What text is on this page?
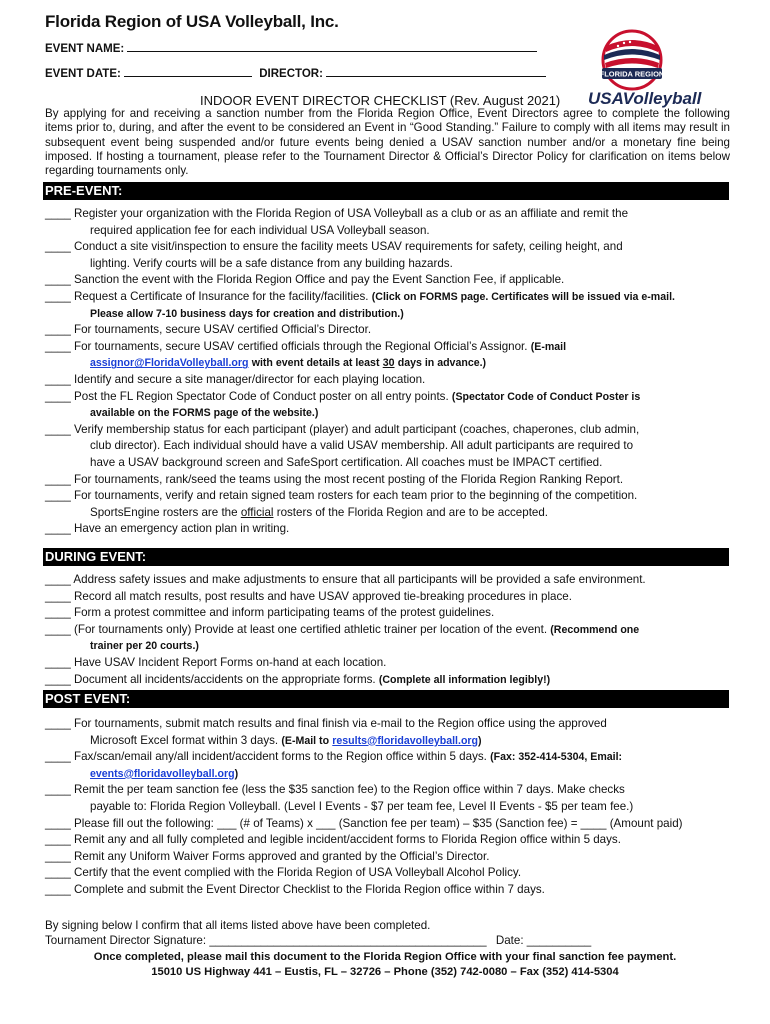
Florida Region of USA Volleyball, Inc.
EVENT NAME:
EVENT DATE:	DIRECTOR:
INDOOR EVENT DIRECTOR CHECKLIST (Rev. August 2021)
FLORIDA REGION
USAVolleyball
By applying for and receiving a sanction number from the Florida Region Office, Event Directors agree to complete the following items prior to, during, and after the event to be considered an Event in “Good Standing.” Failure to comply with all items may result in subsequent event being suspended and/or future events being denied a USAV sanction number and/or a monetary fine being imposed. If hosting a tournament, please refer to the Tournament Director & Official’s Director Policy for clarification on items below regarding tournaments only.
PRE-EVENT:
____ Register your organization with the Florida Region of USA Volleyball as a club or as an affiliate and remit the
required application fee for each individual USA Volleyball season.
____ Conduct a site visit/inspection to ensure the facility meets USAV requirements for safety, ceiling height, and
lighting. Verify courts will be a safe distance from any building hazards.
____ Sanction the event with the Florida Region Office and pay the Event Sanction Fee, if applicable.
____ Request a Certificate of Insurance for the facility/facilities. (Click on FORMS page. Certificates will be issued via e-mail.
Please allow 7-10 business days for creation and distribution.)
____ For tournaments, secure USAV certified Official’s Director.
____ For tournaments, secure USAV certified officials through the Regional Official’s Assignor. (E-mail
assignor@FloridaVolleyball.org with event details at least 30 days in advance.)
____ Identify and secure a site manager/director for each playing location.
____ Post the FL Region Spectator Code of Conduct poster on all entry points. (Spectator Code of Conduct Poster is
available on the FORMS page of the website.)
____ Verify membership status for each participant (player) and adult participant (coaches, chaperones, club admin,
club director). Each individual should have a valid USAV membership. All adult participants are required to
have a USAV background screen and SafeSport certification. All coaches must be IMPACT certified.
____ For tournaments, rank/seed the teams using the most recent posting of the Florida Region Ranking Report.
____ For tournaments, verify and retain signed team rosters for each team prior to the beginning of the competition.
SportsEngine rosters are the official rosters of the Florida Region and are to be accepted.
____ Have an emergency action plan in writing.
DURING EVENT:
____ Address safety issues and make adjustments to ensure that all participants will be provided a safe environment.
____ Record all match results, post results and have USAV approved tie-breaking procedures in place.
____ Form a protest committee and inform participating teams of the protest guidelines.
____ (For tournaments only) Provide at least one certified athletic trainer per location of the event. (Recommend one
trainer per 20 courts.)
____ Have USAV Incident Report Forms on-hand at each location.
____ Document all incidents/accidents on the appropriate forms. (Complete all information legibly!)
POST EVENT:
____ For tournaments, submit match results and final finish via e-mail to the Region office using the approved
Microsoft Excel format within 3 days. (E-Mail to results@floridavolleyball.org)
____ Fax/scan/email any/all incident/accident forms to the Region office within 5 days. (Fax: 352-414-5304, Email:
events@floridavolleyball.org)
____ Remit the per team sanction fee (less the $35 sanction fee) to the Region office within 7 days. Make checks
payable to: Florida Region Volleyball. (Level I Events - $7 per team fee, Level II Events - $5 per team fee.)
____ Please fill out the following: ___ (# of Teams) x ___ (Sanction fee per team) – $35 (Sanction fee) = ____ (Amount paid)
____ Remit any and all fully completed and legible incident/accident forms to Florida Region office within 5 days.
____ Remit any Uniform Waiver Forms approved and granted by the Official’s Director.
____ Certify that the event complied with the Florida Region of USA Volleyball Alcohol Policy.
____ Complete and submit the Event Director Checklist to the Florida Region office within 7 days.
By signing below I confirm that all items listed above have been completed.
Tournament Director Signature: ___________________________________________ Date: __________
Once completed, please mail this document to the Florida Region Office with your final sanction fee payment.
15010 US Highway 441 – Eustis, FL – 32726 – Phone (352) 742-0080 – Fax (352) 414-5304
